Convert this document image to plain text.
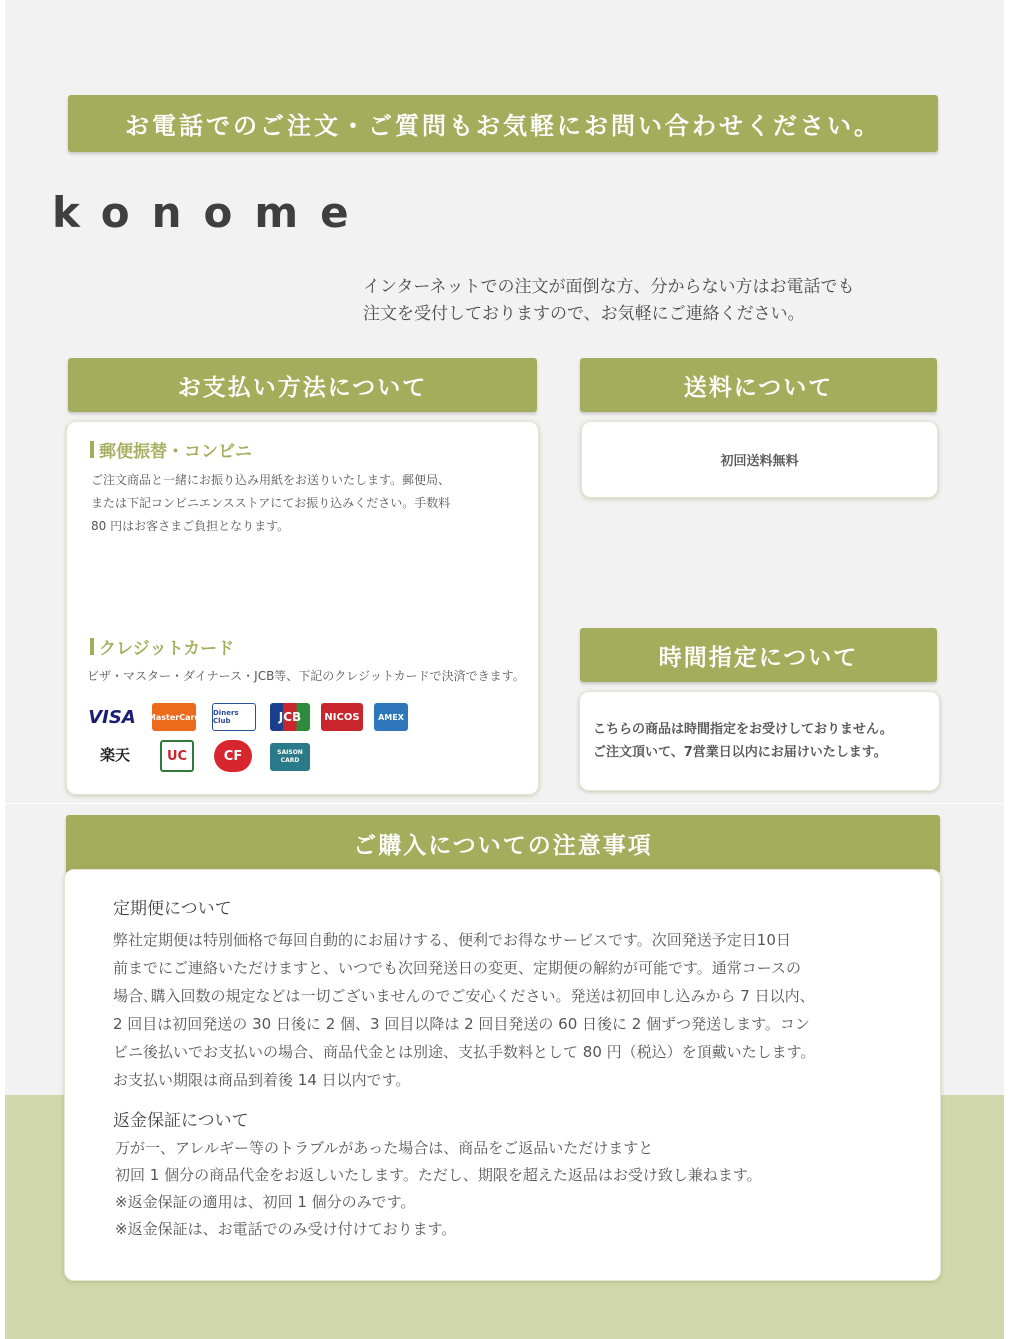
お電話でのご注文・ご質問もお気軽にお問い合わせください。
konome
インターネットでの注文が面倒な方、分からない方はお電話でも
注文を受付しておりますので、お気軽にご連絡ください。
お支払い方法について
郵便振替・コンビニ
ご注文商品と一緒にお振り込み用紙をお送りいたします。郵便局、
または下記コンビニエンスストアにてお振り込みください。手数料
80 円はお客さまご負担となります。
クレジットカード
ビザ・マスター・ダイナース・JCB等、下記のクレジットカードで決済できます。
VISA MasterCard Diners Club	JCB NICOS AMEX
楽天	UC	CF	SAISON CARD
送料について
初回送料無料
時間指定について
こちらの商品は時間指定をお受けしておりません。
ご注文頂いて、7営業日以内にお届けいたします。
ご購入についての注意事項
定期便について
弊社定期便は特別価格で毎回自動的にお届けする、便利でお得なサービスです。次回発送予定日10日
前までにご連絡いただけますと、いつでも次回発送日の変更、定期便の解約が可能です。通常コースの
場合､購入回数の規定などは一切ございませんのでご安心ください。発送は初回申し込みから 7 日以内、
2 回目は初回発送の 30 日後に 2 個、3 回目以降は 2 回目発送の 60 日後に 2 個ずつ発送します。コン
ビニ後払いでお支払いの場合、商品代金とは別途、支払手数料として 80 円（税込）を頂戴いたします。
お支払い期限は商品到着後 14 日以内です。
返金保証について
万が一、アレルギー等のトラブルがあった場合は、商品をご返品いただけますと
初回 1 個分の商品代金をお返しいたします。ただし、期限を超えた返品はお受け致し兼ねます。
※返金保証の適用は、初回 1 個分のみです。
※返金保証は、お電話でのみ受け付けております。
